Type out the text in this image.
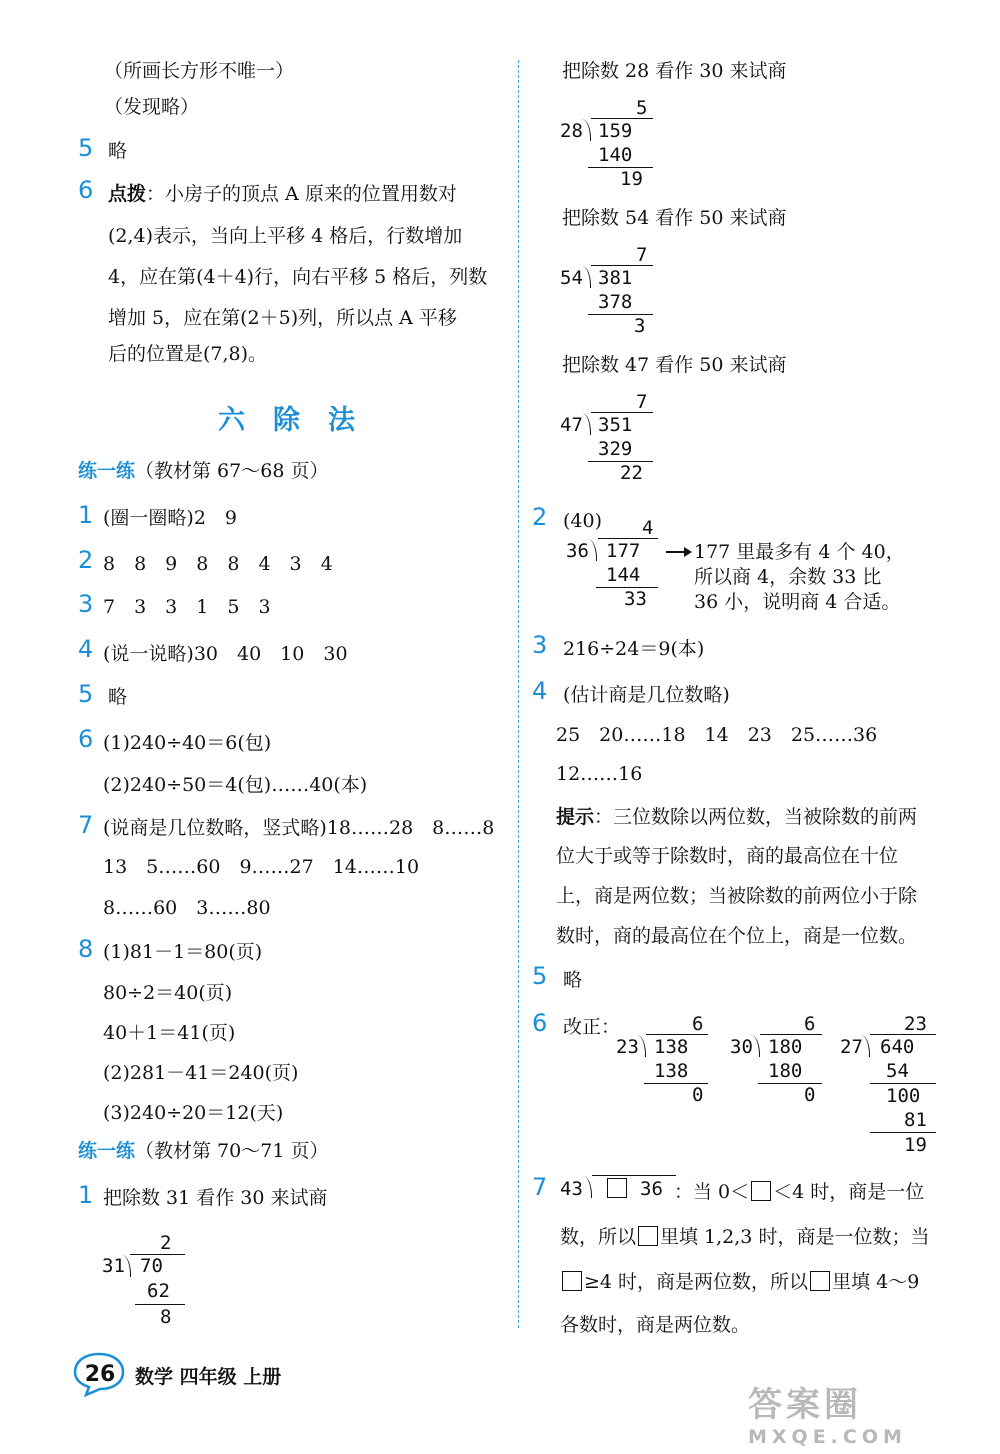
（所画长方形不唯一）
（发现略）
5 略
6 点拨：小房子的顶点 A 原来的位置用数对
(2,4)表示，当向上平移 4 格后，行数增加
4，应在第(4＋4)行，向右平移 5 格后，列数
增加 5，应在第(2＋5)列，所以点 A 平移
后的位置是(7,8)。
六除法
练一练（教材第 67～68 页）
1 (圈一圈略)2　9
2 8　8　9　8　8　4　3　4
3 7　3　3　1　5　3
4 (说一说略)30　40　10　30
5 略
6 (1)240÷40＝6(包)
(2)240÷50＝4(包)……40(本)
7 (说商是几位数略，竖式略)18……28　8……8
13　5……60　9……27　14……10
8……60　3……80
8 (1)81－1＝80(页)
80÷2＝40(页)
40＋1＝41(页)
(2)281－41＝240(页)
(3)240÷20＝12(天)
练一练（教材第 70～71 页）
1 把除数 31 看作 30 来试商
2
31 70
62
8
把除数 28 看作 30 来试商
5
28 159
140
19
把除数 54 看作 50 来试商
7
54 381
378
3
把除数 47 看作 50 来试商
7
47 351
329
22
2 (40) 4
36 177
144
33
177 里最多有 4 个 40，
所以商 4，余数 33 比
36 小，说明商 4 合适。
3 216÷24＝9(本)
4 (估计商是几位数略)
25　20……18　14　23　25……36
12……16
提示：三位数除以两位数，当被除数的前两
位大于或等于除数时，商的最高位在十位
上，商是两位数；当被除数的前两位小于除
数时，商的最高位在个位上，商是一位数。
5 略
6 改正：	6
23 138
138
0
6
30 180
180
0
23
27 640
54
100
81
19
7 43	36 ：当 0＜ ＜4 时，商是一位
数，所以 里填 1,2,3 时，商是一位数；当
≥4 时，商是两位数，所以 里填 4～9
各数时，商是两位数。
26 数学 四年级 上册
答案圈
MXQE.COM
